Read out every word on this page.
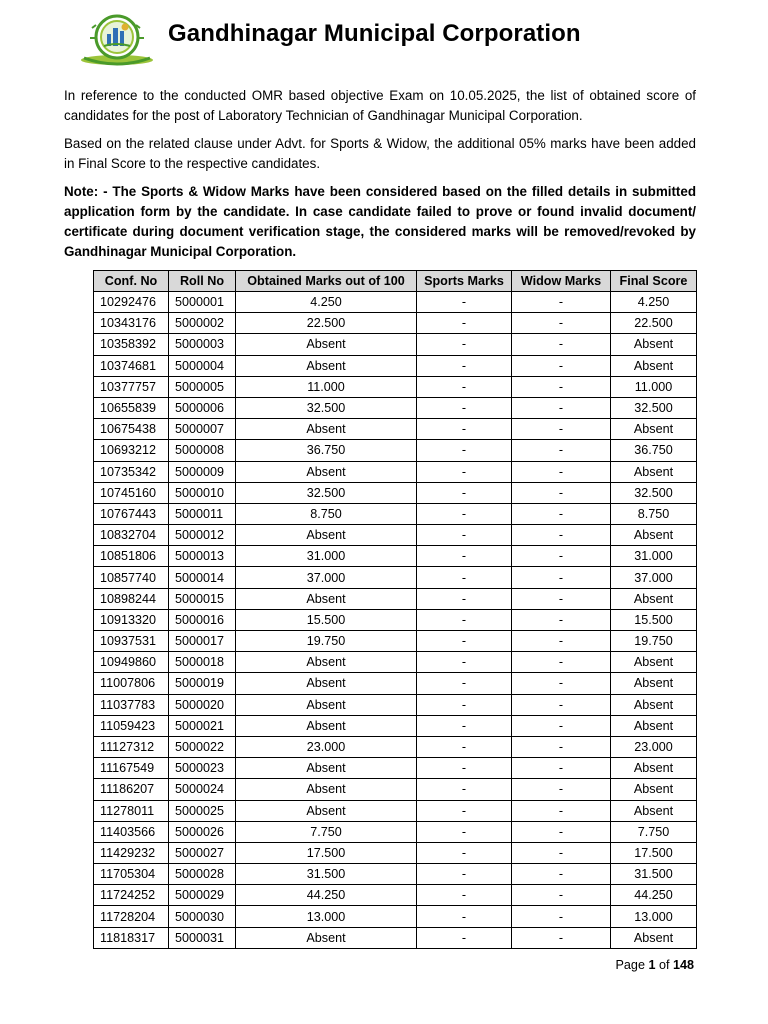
Gandhinagar Municipal Corporation

In reference to the conducted OMR based objective Exam on 10.05.2025, the list of obtained score of candidates for the post of Laboratory Technician of Gandhinagar Municipal Corporation.

Based on the related clause under Advt. for Sports & Widow, the additional 05% marks have been added in Final Score to the respective candidates.

Note: - The Sports & Widow Marks have been considered based on the filled details in submitted application form by the candidate. In case candidate failed to prove or found invalid document/ certificate during document verification stage, the considered marks will be removed/revoked by Gandhinagar Municipal Corporation.

Conf. No	Roll No	Obtained Marks out of 100	Sports Marks	Widow Marks	Final Score
10292476	5000001	4.250	-	-	4.250
10343176	5000002	22.500	-	-	22.500
10358392	5000003	Absent	-	-	Absent
10374681	5000004	Absent	-	-	Absent
10377757	5000005	11.000	-	-	11.000
10655839	5000006	32.500	-	-	32.500
10675438	5000007	Absent	-	-	Absent
10693212	5000008	36.750	-	-	36.750
10735342	5000009	Absent	-	-	Absent
10745160	5000010	32.500	-	-	32.500
10767443	5000011	8.750	-	-	8.750
10832704	5000012	Absent	-	-	Absent
10851806	5000013	31.000	-	-	31.000
10857740	5000014	37.000	-	-	37.000
10898244	5000015	Absent	-	-	Absent
10913320	5000016	15.500	-	-	15.500
10937531	5000017	19.750	-	-	19.750
10949860	5000018	Absent	-	-	Absent
11007806	5000019	Absent	-	-	Absent
11037783	5000020	Absent	-	-	Absent
11059423	5000021	Absent	-	-	Absent
11127312	5000022	23.000	-	-	23.000
11167549	5000023	Absent	-	-	Absent
11186207	5000024	Absent	-	-	Absent
11278011	5000025	Absent	-	-	Absent
11403566	5000026	7.750	-	-	7.750
11429232	5000027	17.500	-	-	17.500
11705304	5000028	31.500	-	-	31.500
11724252	5000029	44.250	-	-	44.250
11728204	5000030	13.000	-	-	13.000
11818317	5000031	Absent	-	-	Absent
Page 1 of 148
